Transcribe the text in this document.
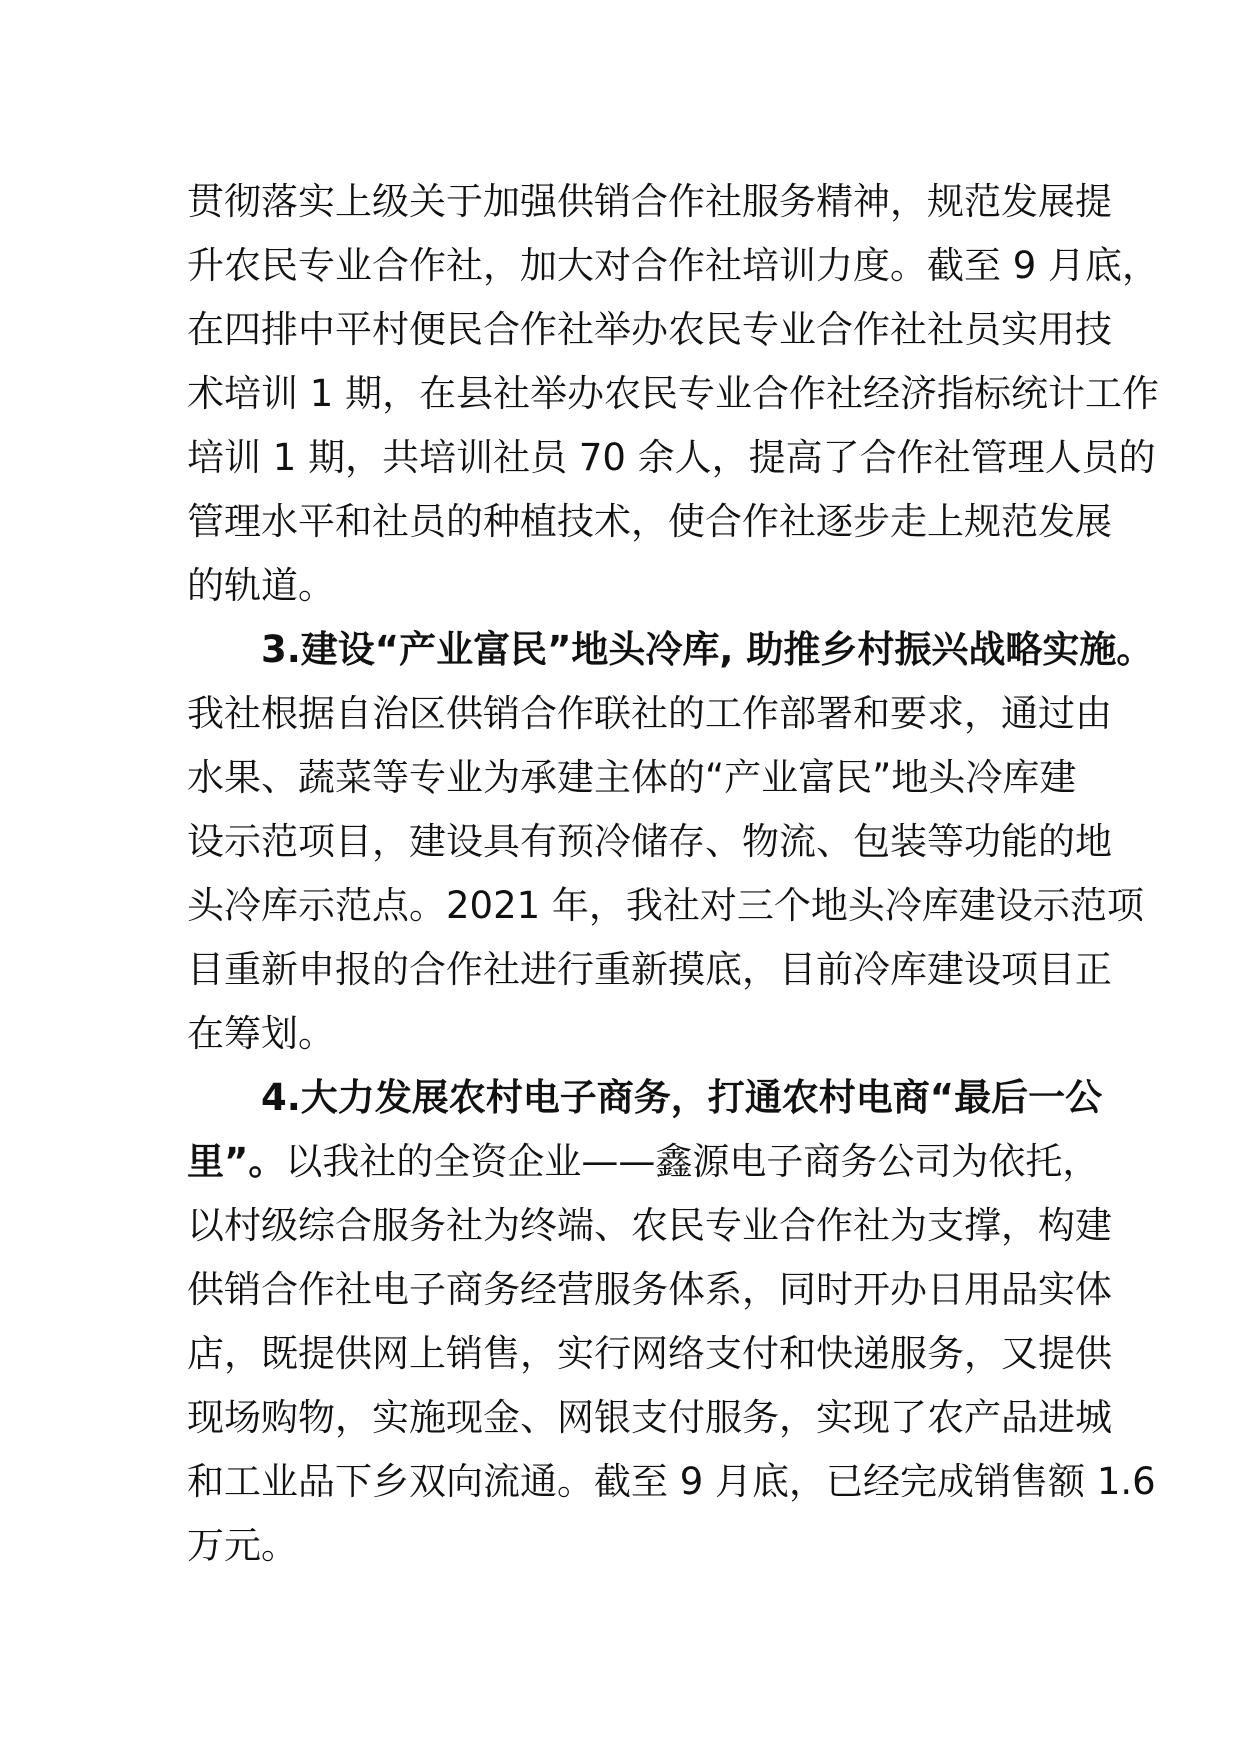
贯彻落实上级关于加强供销合作社服务精神，规范发展提
升农民专业合作社，加大对合作社培训力度。截至 9 月底，
在四排中平村便民合作社举办农民专业合作社社员实用技
术培训 1 期，在县社举办农民专业合作社经济指标统计工作
培训 1 期，共培训社员 70 余人，提高了合作社管理人员的
管理水平和社员的种植技术，使合作社逐步走上规范发展
的轨道。
3.建设“产业富民”地头冷库, 助推乡村振兴战略实施。
我社根据自治区供销合作联社的工作部署和要求，通过由
水果、蔬菜等专业为承建主体的“产业富民”地头冷库建
设示范项目，建设具有预冷储存、物流、包装等功能的地
头冷库示范点。2021 年，我社对三个地头冷库建设示范项
目重新申报的合作社进行重新摸底，目前冷库建设项目正
在筹划。
4.大力发展农村电子商务，打通农村电商“最后一公
里”。以我社的全资企业——鑫源电子商务公司为依托，
以村级综合服务社为终端、农民专业合作社为支撑，构建
供销合作社电子商务经营服务体系，同时开办日用品实体
店，既提供网上销售，实行网络支付和快递服务，又提供
现场购物，实施现金、网银支付服务，实现了农产品进城
和工业品下乡双向流通。截至 9 月底，已经完成销售额 1.6
万元。
